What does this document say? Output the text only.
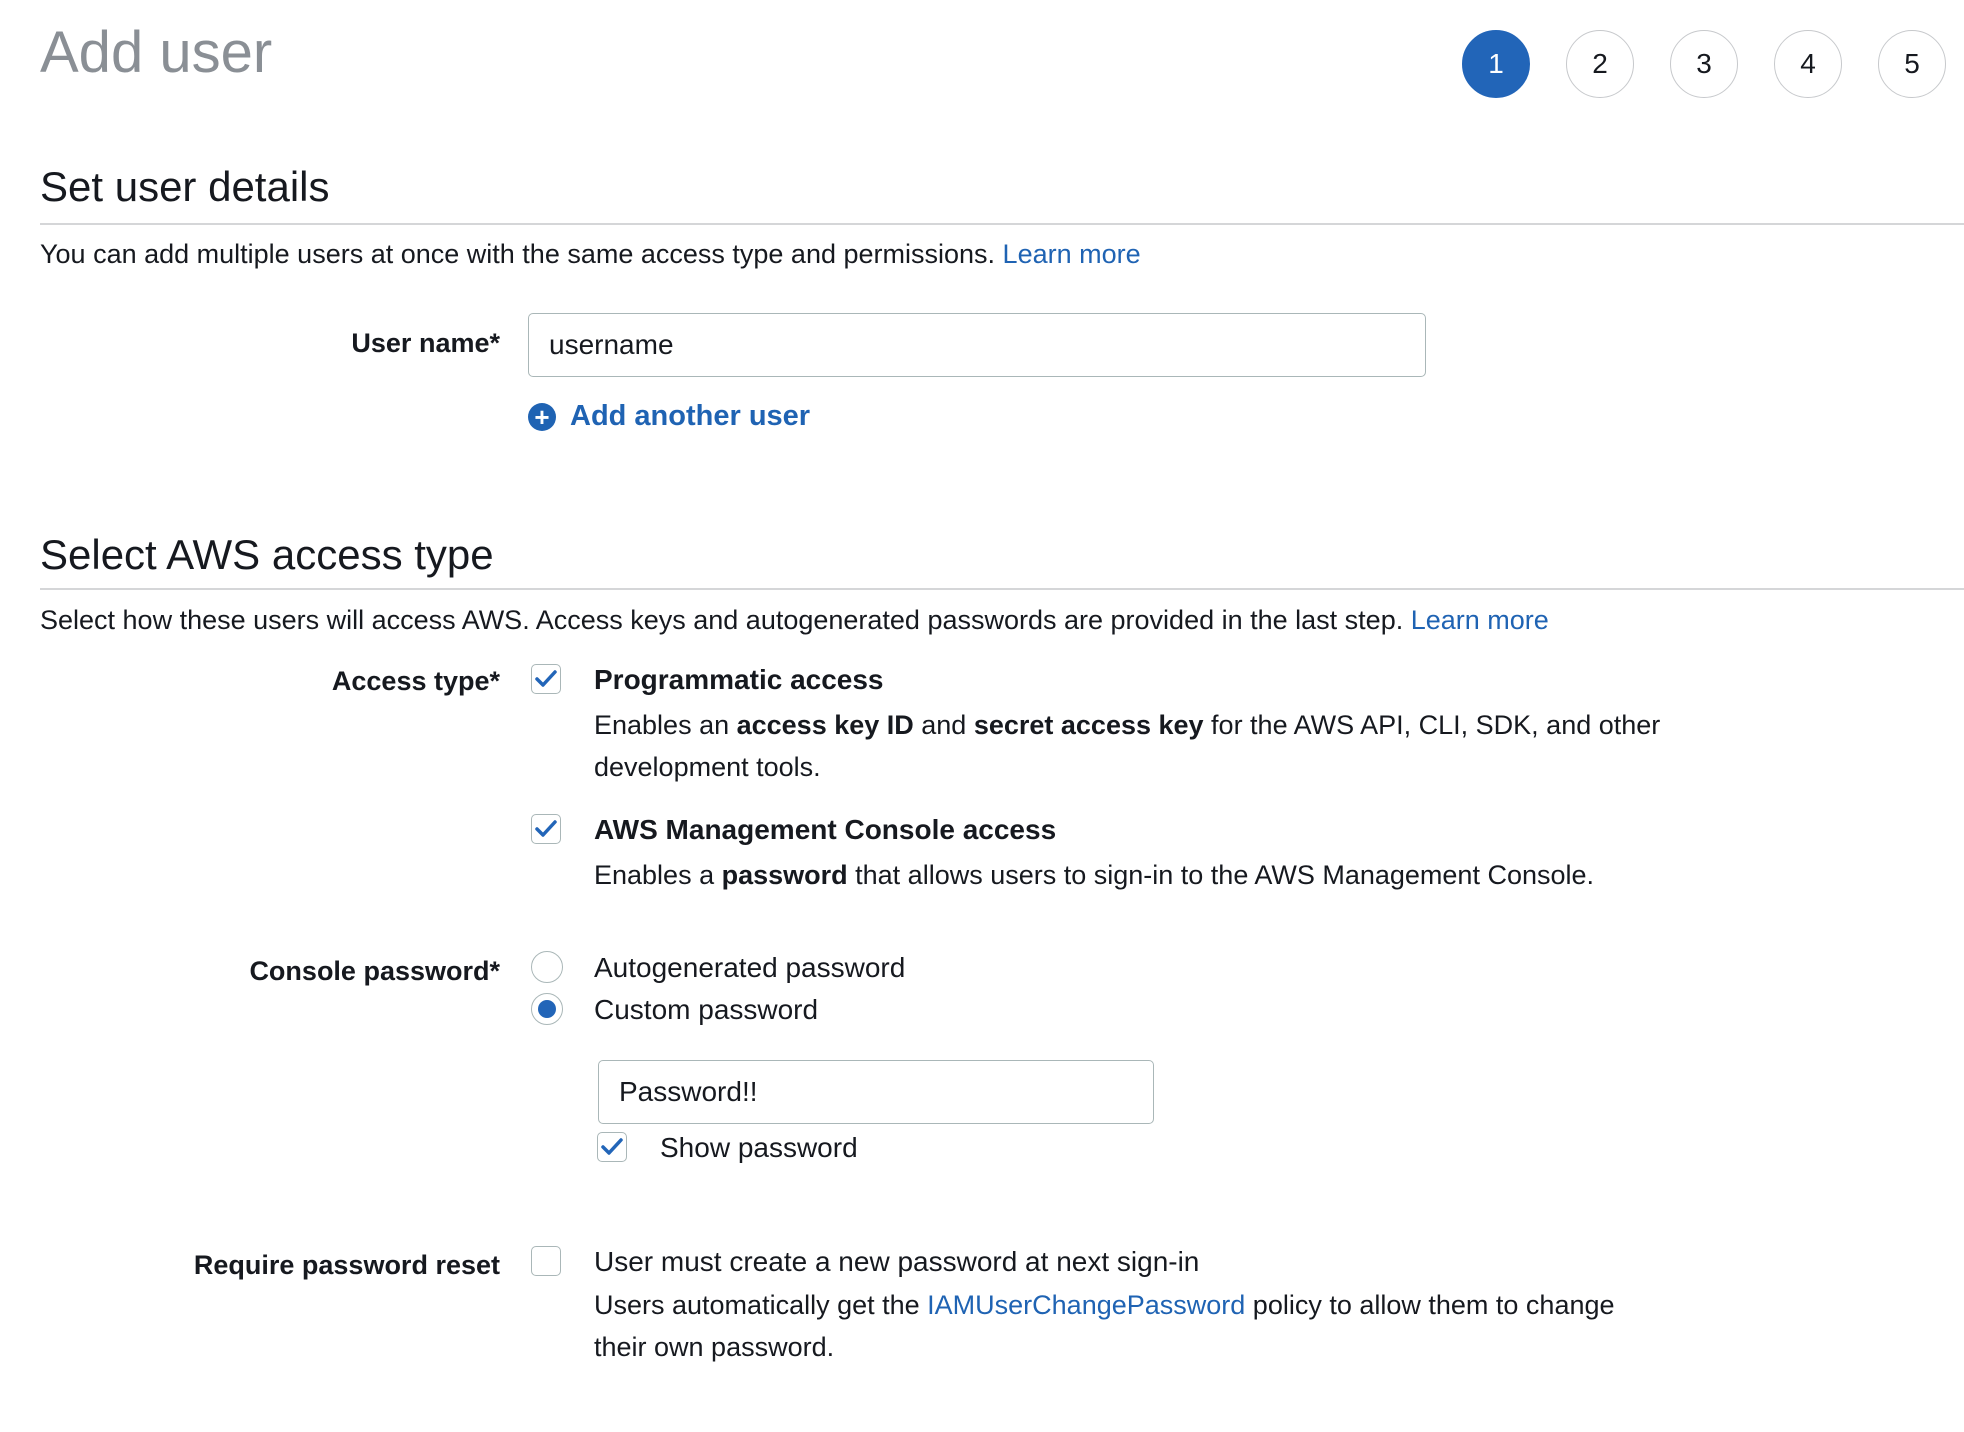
Add user	1	2	3	4	5
Set user details
You can add multiple users at once with the same access type and permissions. Learn more
User name*
username
+ Add another user
Select AWS access type
Select how these users will access AWS. Access keys and autogenerated passwords are provided in the last step. Learn more
Access type*	Programmatic access
Enables an access key ID and secret access key for the AWS API, CLI, SDK, and other development tools.
AWS Management Console access
Enables a password that allows users to sign-in to the AWS Management Console.
Console password*	Autogenerated password
Custom password
Password!!
Show password
Require password reset	User must create a new password at next sign-in
Users automatically get the IAMUserChangePassword policy to allow them to change their own password.
